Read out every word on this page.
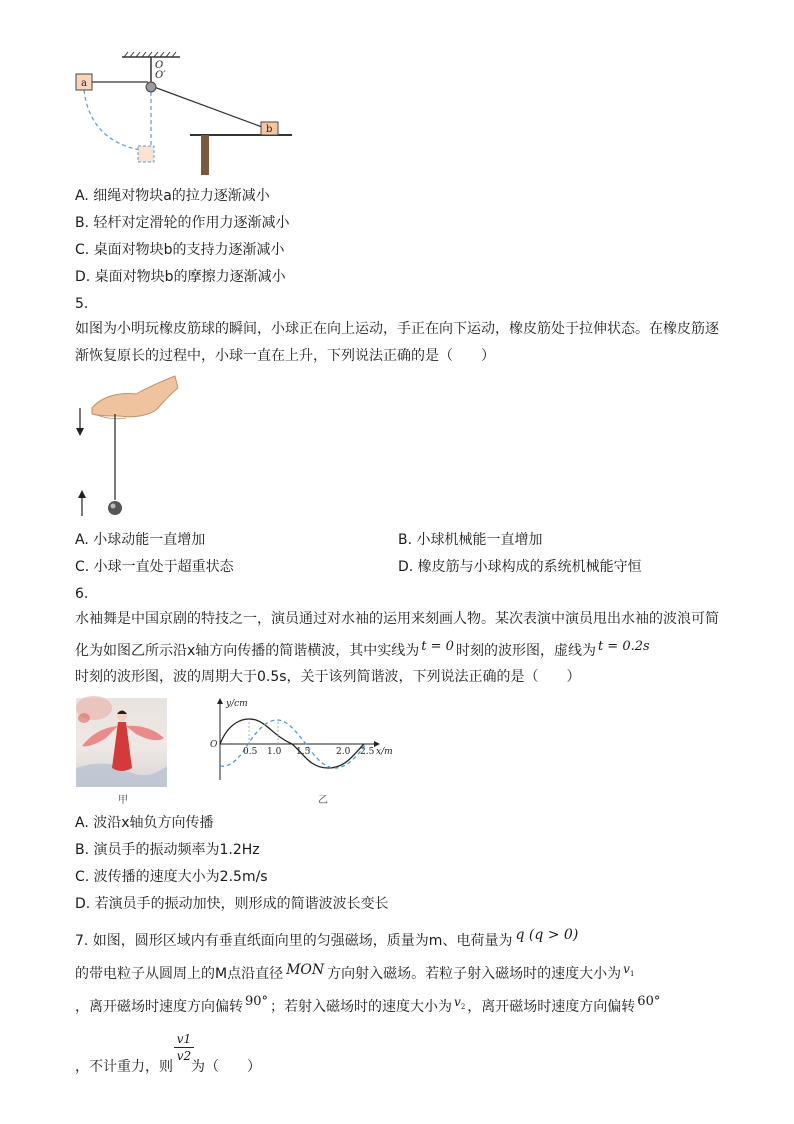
a
b
O
O′
A. 细绳对物块a的拉力逐渐减小
B. 轻杆对定滑轮的作用力逐渐减小
C. 桌面对物块b的支持力逐渐减小
D. 桌面对物块b的摩擦力逐渐减小
5.
如图为小明玩橡皮筋球的瞬间，小球正在向上运动，手正在向下运动，橡皮筋处于拉伸状态。在橡皮筋逐
渐恢复原长的过程中，小球一直在上升，下列说法正确的是（　　）
A. 小球动能一直增加	B. 小球机械能一直增加
C. 小球一直处于超重状态	D. 橡皮筋与小球构成的系统机械能守恒
6.
水袖舞是中国京剧的特技之一，演员通过对水袖的运用来刻画人物。某次表演中演员甩出水袖的波浪可简
化为如图乙所示沿x轴方向传播的简谐横波，其中实线为 t = 0 时刻的波形图，虚线为 t = 0.2s
时刻的波形图，波的周期大于0.5s，关于该列简谐波，下列说法正确的是（　　）
甲
y/cm
O
0.5 1.0 1.5	2.0 2.5 x/m
乙
A. 波沿x轴负方向传播
B. 演员手的振动频率为1.2Hz
C. 波传播的速度大小为2.5m/s
D. 若演员手的振动加快，则形成的简谐波波长变长
7. 如图，圆形区域内有垂直纸面向里的匀强磁场，质量为m、电荷量为 q (q > 0)
的带电粒子从圆周上的M点沿直径 MON 方向射入磁场。若粒子射入磁场时的速度大小为 v1
，离开磁场时速度方向偏转 90° ；若射入磁场时的速度大小为 v2 ，离开磁场时速度方向偏转 60°
v1
v2
，不计重力，则 为（　　）
